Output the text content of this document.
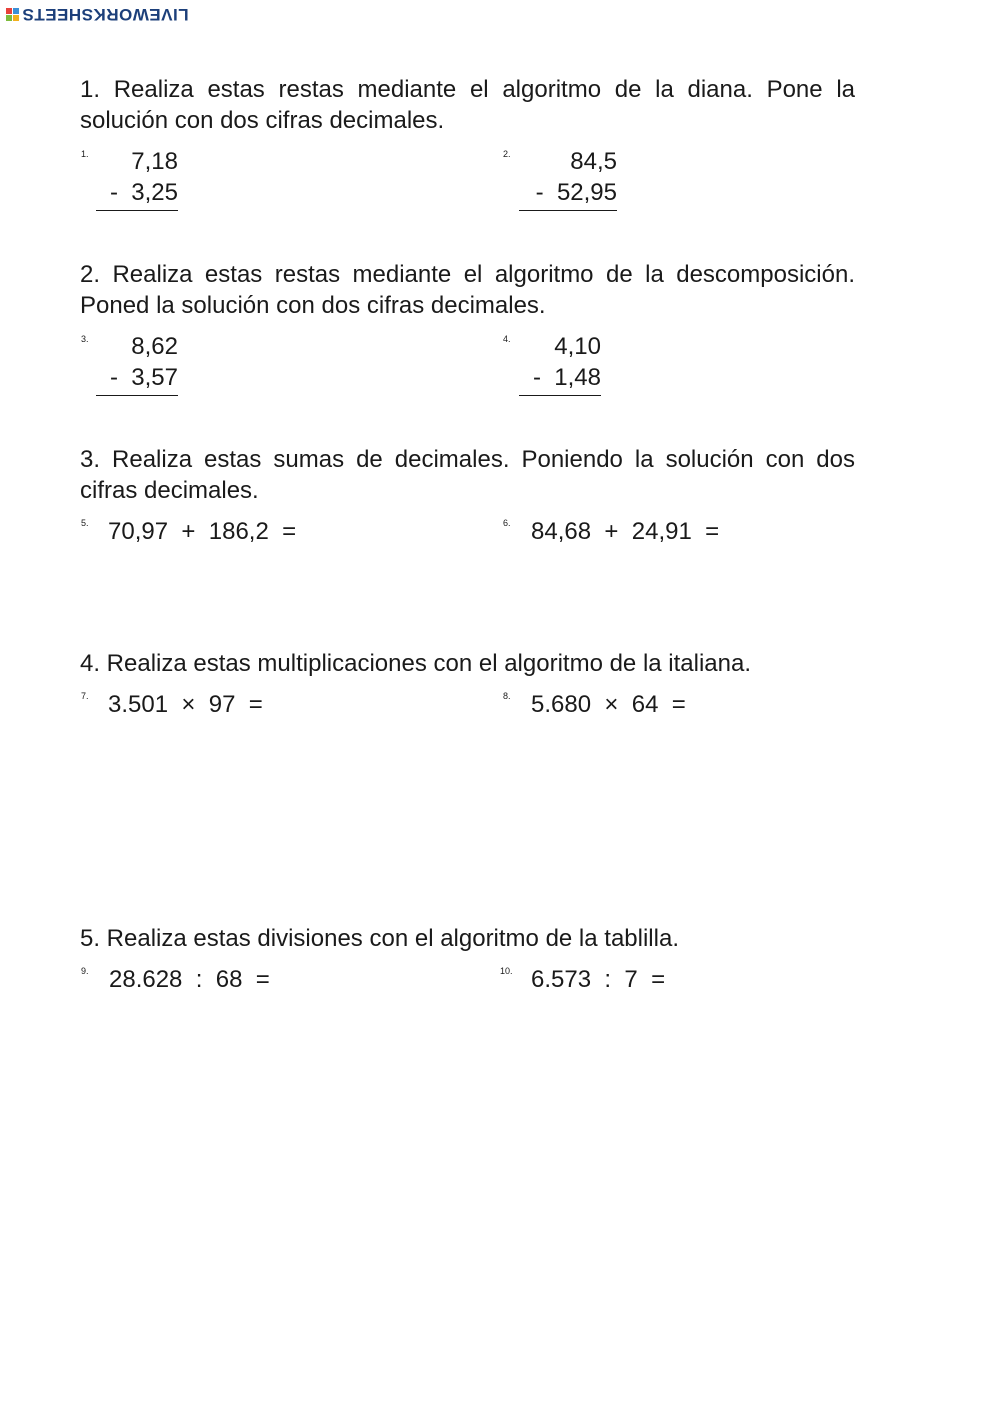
LIVEWORKSHEETS

1. Realiza estas restas mediante el algoritmo de la diana. Pone la solución con dos cifras decimales.

1.	7,18
-  3,25
2.	84,5
-  52,95

2. Realiza estas restas mediante el algoritmo de la descomposición. Poned la solución con dos cifras decimales.

3.	8,62
-  3,57
4.	4,10
-  1,48

3. Realiza estas sumas de decimales. Poniendo la solución con dos cifras decimales.

5. 70,97  +  186,2  =	6. 84,68  +  24,91  =

4. Realiza estas multiplicaciones con el algoritmo de la italiana.

7. 3.501  ×  97  =	8. 5.680  ×  64  =

5. Realiza estas divisiones con el algoritmo de la tablilla.

9. 28.628  :  68  =	10. 6.573  :  7  =
